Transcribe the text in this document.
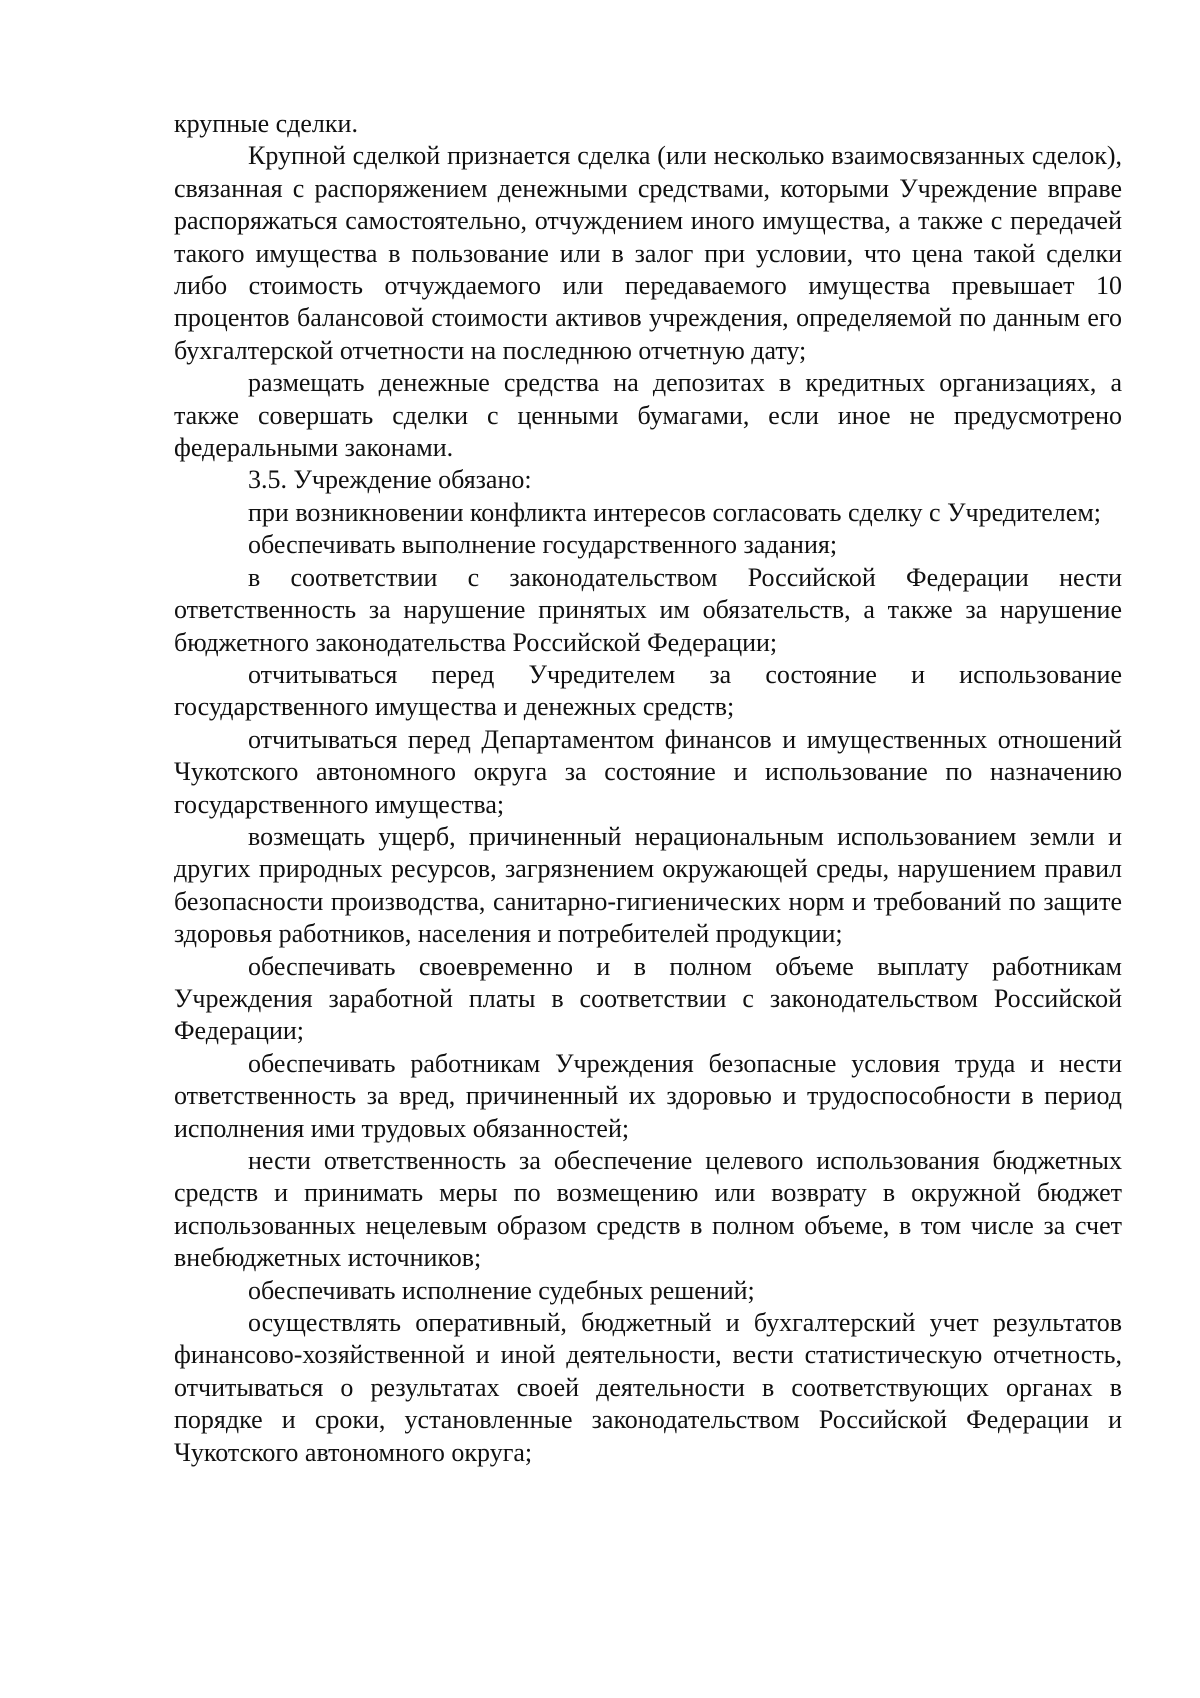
крупные сделки.

Крупной сделкой признается сделка (или несколько взаимосвязанных сделок), связанная с распоряжением денежными средствами, которыми Учреждение вправе распоряжаться самостоятельно, отчуждением иного имущества, а также с передачей такого имущества в пользование или в залог при условии, что цена такой сделки либо стоимость отчуждаемого или передаваемого имущества превышает 10 процентов балансовой стоимости активов учреждения, определяемой по данным его бухгалтерской отчетности на последнюю отчетную дату;

размещать денежные средства на депозитах в кредитных организациях, а также совершать сделки с ценными бумагами, если иное не предусмотрено федеральными законами.

3.5. Учреждение обязано:

при возникновении конфликта интересов согласовать сделку с Учредителем;

обеспечивать выполнение государственного задания;

в соответствии с законодательством Российской Федерации нести ответственность за нарушение принятых им обязательств, а также за нарушение бюджетного законодательства Российской Федерации;

отчитываться перед Учредителем за состояние и использование государственного имущества и денежных средств;

отчитываться перед Департаментом финансов и имущественных отношений Чукотского автономного округа за состояние и использование по назначению государственного имущества;

возмещать ущерб, причиненный нерациональным использованием земли и других природных ресурсов, загрязнением окружающей среды, нарушением правил безопасности производства, санитарно-гигиенических норм и требований по защите здоровья работников, населения и потребителей продукции;

обеспечивать своевременно и в полном объеме выплату работникам Учреждения заработной платы в соответствии с законодательством Российской Федерации;

обеспечивать работникам Учреждения безопасные условия труда и нести ответственность за вред, причиненный их здоровью и трудоспособности в период исполнения ими трудовых обязанностей;

нести ответственность за обеспечение целевого использования бюджетных средств и принимать меры по возмещению или возврату в окружной бюджет использованных нецелевым образом средств в полном объеме, в том числе за счет внебюджетных источников;

обеспечивать исполнение судебных решений;

осуществлять оперативный, бюджетный и бухгалтерский учет результатов финансово-хозяйственной и иной деятельности, вести статистическую отчетность, отчитываться о результатах своей деятельности в соответствующих органах в порядке и сроки, установленные законодательством Российской Федерации и Чукотского автономного округа;
